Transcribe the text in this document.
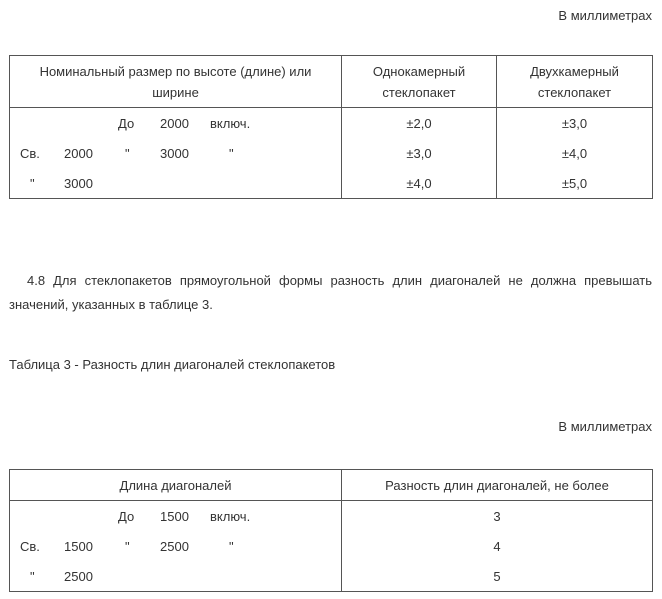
В миллиметрах
Номинальный размер по высоте (длине) или ширине	Однокамерный стеклопакет	Двухкамерный стеклопакет

До 2000 включ.	±2,0	±3,0

Св. 2000 " 3000 "	±3,0	±4,0

" 3000	±4,0	±5,0
4.8 Для стеклопакетов прямоугольной формы разность длин диагоналей не должна превышать значений, указанных в таблице 3.
Таблица 3 - Разность длин диагоналей стеклопакетов
В миллиметрах
Длина диагоналей	Разность длин диагоналей, не более

До 1500 включ.	3

Св. 1500 " 2500 "	4

" 2500	5
